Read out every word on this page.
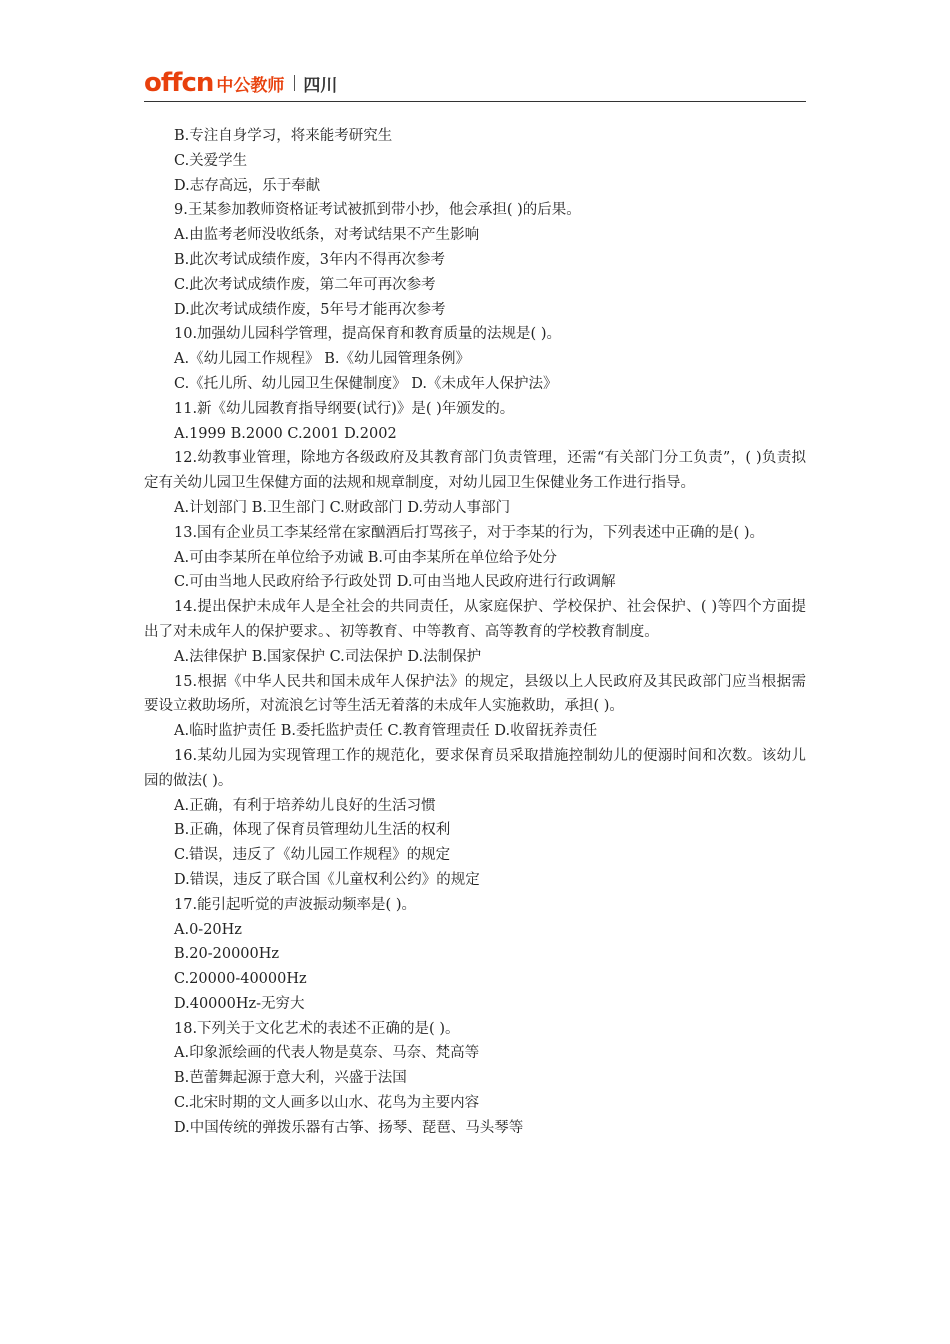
offcn 中公教师 四川
B.专注自身学习，将来能考研究生
C.关爱学生
D.志存高远，乐于奉献
9.王某参加教师资格证考试被抓到带小抄，他会承担( )的后果。
A.由监考老师没收纸条，对考试结果不产生影响
B.此次考试成绩作废，3年内不得再次参考
C.此次考试成绩作废，第二年可再次参考
D.此次考试成绩作废，5年号才能再次参考
10.加强幼儿园科学管理，提高保育和教育质量的法规是( )。
A.《幼儿园工作规程》 B.《幼儿园管理条例》
C.《托儿所、幼儿园卫生保健制度》 D.《未成年人保护法》
11.新《幼儿园教育指导纲要(试行)》是( )年颁发的。
A.1999 B.2000 C.2001 D.2002
12.幼教事业管理，除地方各级政府及其教育部门负责管理，还需“有关部门分工负责”，( )负责拟定有关幼儿园卫生保健方面的法规和规章制度，对幼儿园卫生保健业务工作进行指导。
A.计划部门 B.卫生部门 C.财政部门 D.劳动人事部门
13.国有企业员工李某经常在家酗酒后打骂孩子，对于李某的行为，下列表述中正确的是( )。
A.可由李某所在单位给予劝诫 B.可由李某所在单位给予处分
C.可由当地人民政府给予行政处罚 D.可由当地人民政府进行行政调解
14.提出保护未成年人是全社会的共同责任，从家庭保护、学校保护、社会保护、( )等四个方面提出了对未成年人的保护要求。、初等教育、中等教育、高等教育的学校教育制度。
A.法律保护 B.国家保护 C.司法保护 D.法制保护
15.根据《中华人民共和国未成年人保护法》的规定，县级以上人民政府及其民政部门应当根据需要设立救助场所，对流浪乞讨等生活无着落的未成年人实施救助，承担( )。
A.临时监护责任 B.委托监护责任 C.教育管理责任 D.收留抚养责任
16.某幼儿园为实现管理工作的规范化，要求保育员采取措施控制幼儿的便溺时间和次数。该幼儿园的做法( )。
A.正确，有利于培养幼儿良好的生活习惯
B.正确，体现了保育员管理幼儿生活的权利
C.错误，违反了《幼儿园工作规程》的规定
D.错误，违反了联合国《儿童权利公约》的规定
17.能引起听觉的声波振动频率是( )。
A.0-20Hz
B.20-20000Hz
C.20000-40000Hz
D.40000Hz-无穷大
18.下列关于文化艺术的表述不正确的是( )。
A.印象派绘画的代表人物是莫奈、马奈、梵高等
B.芭蕾舞起源于意大利，兴盛于法国
C.北宋时期的文人画多以山水、花鸟为主要内容
D.中国传统的弹拨乐器有古筝、扬琴、琵琶、马头琴等
